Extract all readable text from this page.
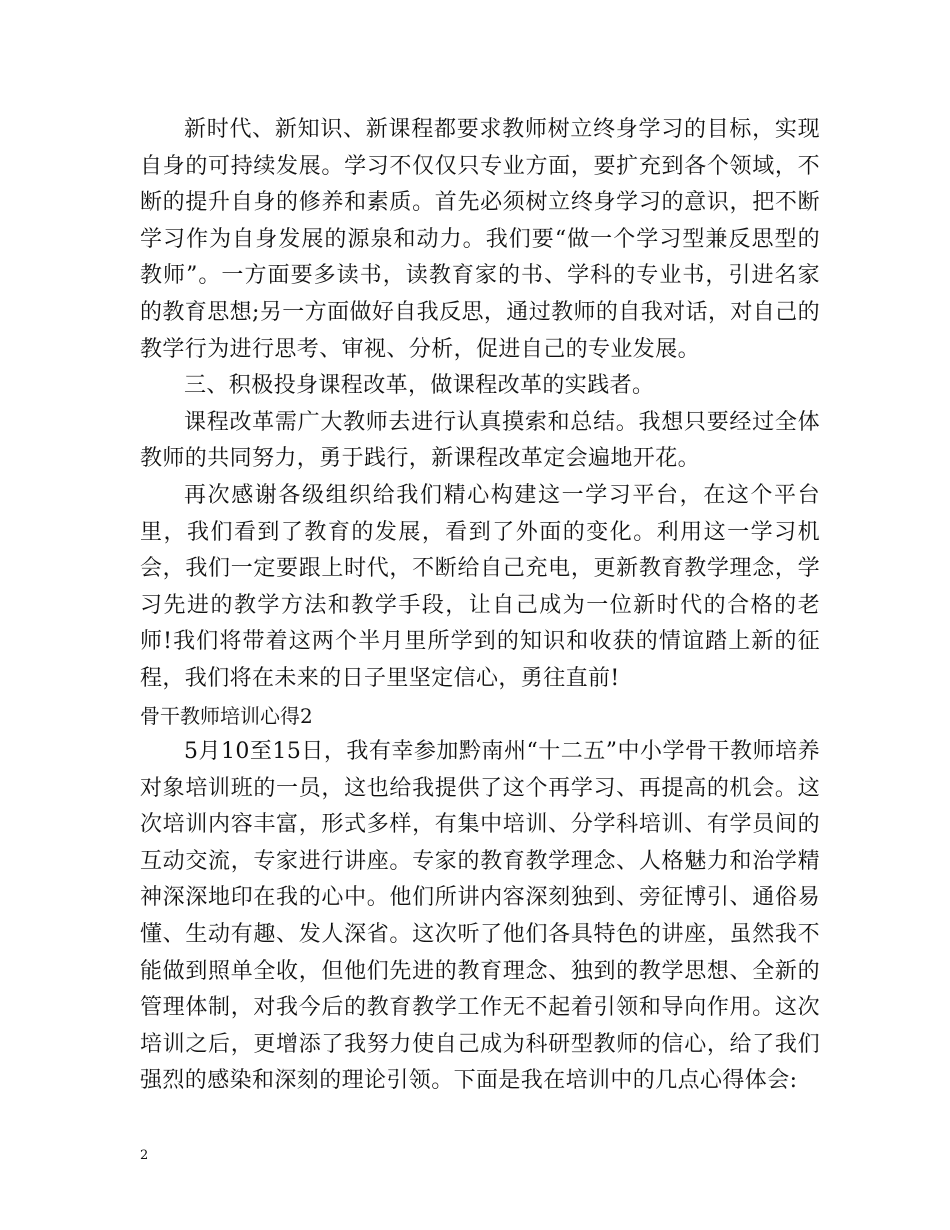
新时代、新知识、新课程都要求教师树立终身学习的目标，实现自身的可持续发展。学习不仅仅只专业方面，要扩充到各个领域，不断的提升自身的修养和素质。首先必须树立终身学习的意识，把不断学习作为自身发展的源泉和动力。我们要“做一个学习型兼反思型的教师”。一方面要多读书，读教育家的书、学科的专业书，引进名家的教育思想;另一方面做好自我反思，通过教师的自我对话，对自己的教学行为进行思考、审视、分析，促进自己的专业发展。

三、积极投身课程改革，做课程改革的实践者。

课程改革需广大教师去进行认真摸索和总结。我想只要经过全体教师的共同努力，勇于践行，新课程改革定会遍地开花。

再次感谢各级组织给我们精心构建这一学习平台，在这个平台里，我们看到了教育的发展，看到了外面的变化。利用这一学习机会，我们一定要跟上时代，不断给自己充电，更新教育教学理念，学习先进的教学方法和教学手段，让自己成为一位新时代的合格的老师!我们将带着这两个半月里所学到的知识和收获的情谊踏上新的征程，我们将在未来的日子里坚定信心，勇往直前!

骨干教师培训心得2

5月10至15日，我有幸参加黔南州“十二五”中小学骨干教师培养对象培训班的一员，这也给我提供了这个再学习、再提高的机会。这次培训内容丰富，形式多样，有集中培训、分学科培训、有学员间的互动交流，专家进行讲座。专家的教育教学理念、人格魅力和治学精神深深地印在我的心中。他们所讲内容深刻独到、旁征博引、通俗易懂、生动有趣、发人深省。这次听了他们各具特色的讲座，虽然我不能做到照单全收，但他们先进的教育理念、独到的教学思想、全新的管理体制，对我今后的教育教学工作无不起着引领和导向作用。这次培训之后，更增添了我努力使自己成为科研型教师的信心，给了我们强烈的感染和深刻的理论引领。下面是我在培训中的几点心得体会:

2
